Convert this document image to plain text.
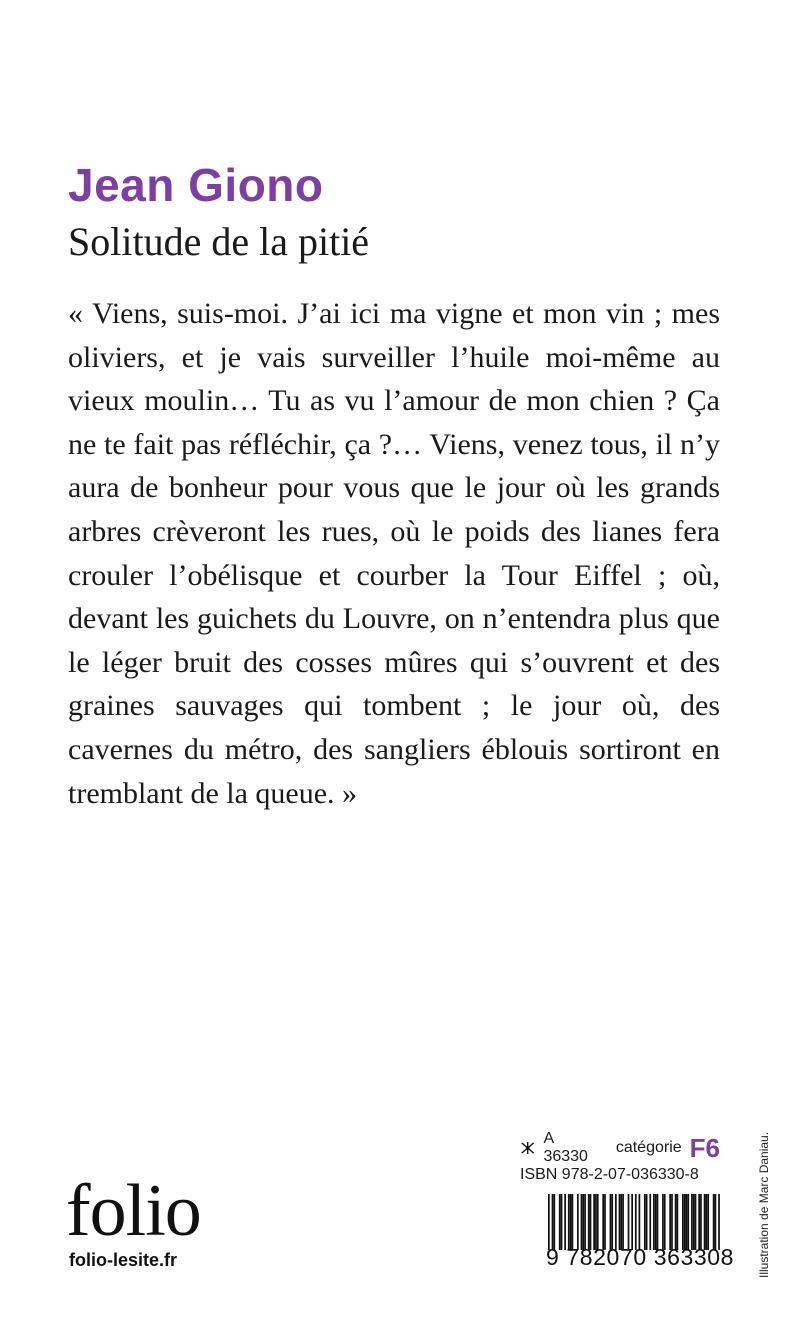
Jean Giono
Solitude de la pitié

« Viens, suis-moi. J’ai ici ma vigne et mon vin ; mes oliviers, et je vais surveiller l’huile moi-même au vieux moulin… Tu as vu l’amour de mon chien ? Ça ne te fait pas réfléchir, ça ?… Viens, venez tous, il n’y aura de bonheur pour vous que le jour où les grands arbres crèveront les rues, où le poids des lianes fera crouler l’obélisque et courber la Tour Eiffel ; où, devant les guichets du Louvre, on n’entendra plus que le léger bruit des cosses mûres qui s’ouvrent et des graines sauvages qui tombent ; le jour où, des cavernes du métro, des sangliers éblouis sortiront en tremblant de la queue. »

A 36330
catégorie F6
ISBN 978-2-07-036330-8
9 782070 363308
folio
folio-lesite.fr	Illustration de Marc Daniau.
